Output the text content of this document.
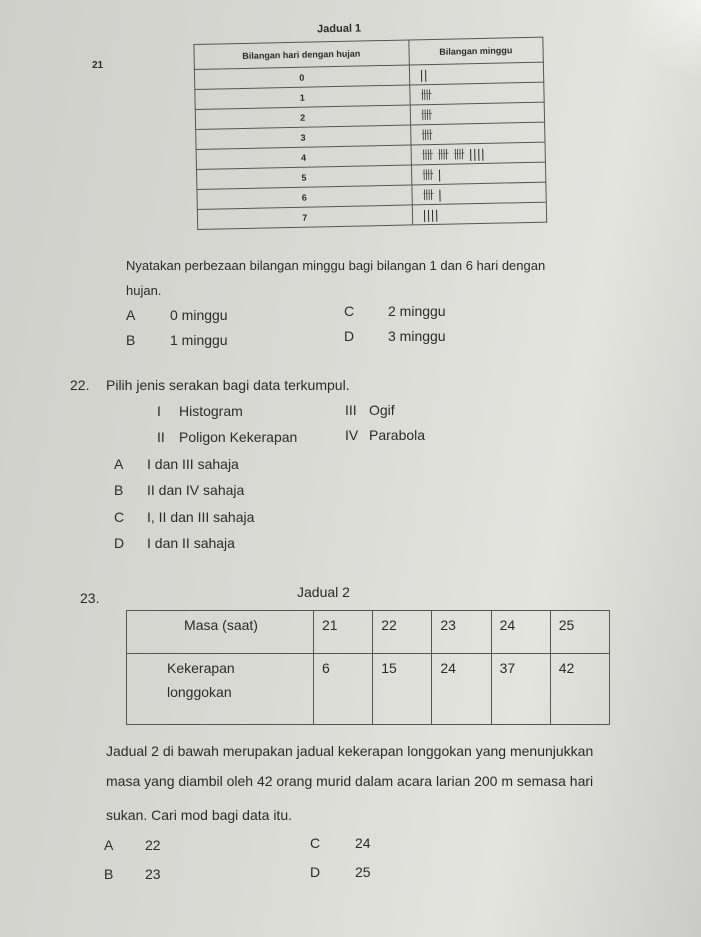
21
Jadual 1
Bilangan hari dengan hujan	Bilangan minggu
0	||
1	卌
2	卌
3	卌
4	卌 卌 卌 ||||
5	卌 |
6	卌 |
7	||||
Nyatakan perbezaan bilangan minggu bagi bilangan 1 dan 6 hari dengan
hujan.
A 0 minggu	C 2 minggu
B 1 minggu	D 3 minggu
22. Pilih jenis serakan bagi data terkumpul.
I Histogram
II Poligon Kekerapan
III Ogif
IV Parabola
A I dan III sahaja
B II dan IV sahaja
C I, II dan III sahaja
D I dan II sahaja
23.	Jadual 2
Masa (saat)	21	22	23	24	25

Kekerapan
longgokan	6	15	24	37	42
Jadual 2 di bawah merupakan jadual kekerapan longgokan yang menunjukkan
masa yang diambil oleh 42 orang murid dalam acara larian 200 m semasa hari
sukan. Cari mod bagi data itu.
A 22
B 23
C 24
D 25
